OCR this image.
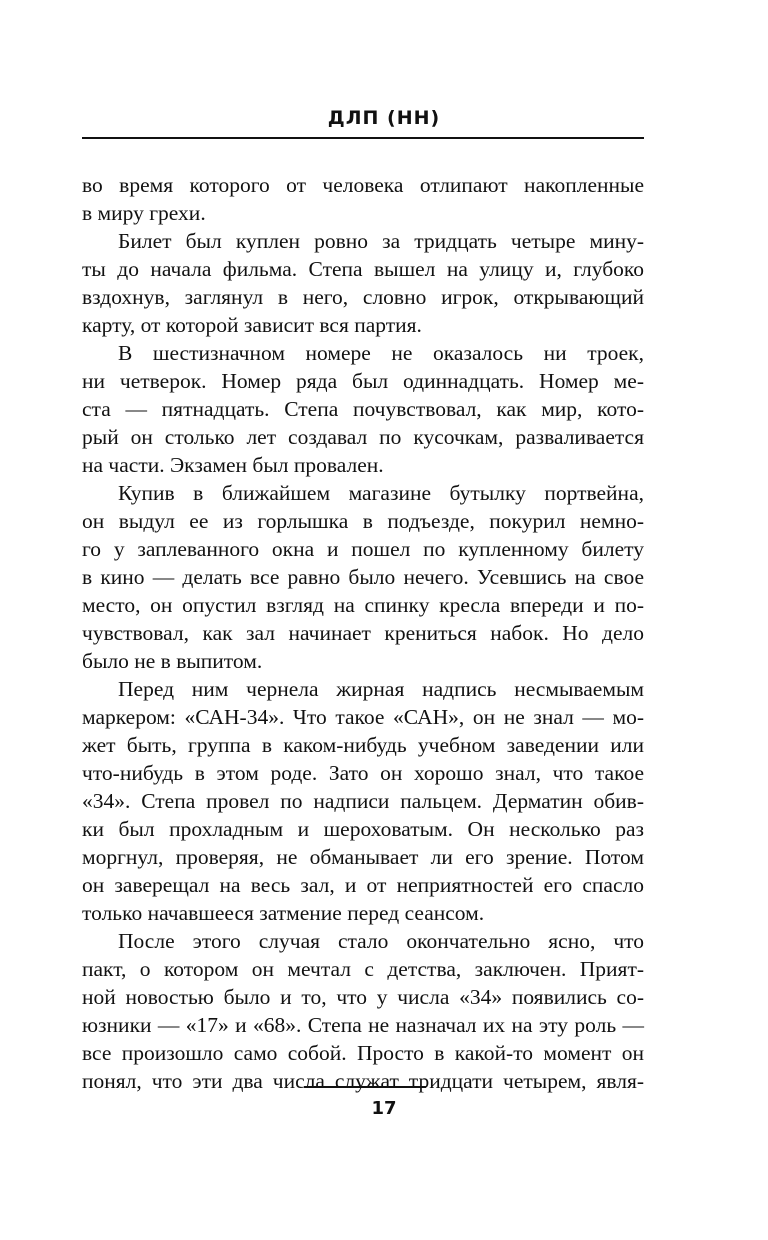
ДЛП (НН)
во время которого от человека отлипают накопленные
в миру грехи.
Билет был куплен ровно за тридцать четыре мину-
ты до начала фильма. Степа вышел на улицу и, глубоко
вздохнув, заглянул в него, словно игрок, открывающий
карту, от которой зависит вся партия.
В шестизначном номере не оказалось ни троек,
ни четверок. Номер ряда был одиннадцать. Номер ме-
ста — пятнадцать. Степа почувствовал, как мир, кото-
рый он столько лет создавал по кусочкам, разваливается
на части. Экзамен был провален.
Купив в ближайшем магазине бутылку портвейна,
он выдул ее из горлышка в подъезде, покурил немно-
го у заплеванного окна и пошел по купленному билету
в кино — делать все равно было нечего. Усевшись на свое
место, он опустил взгляд на спинку кресла впереди и по-
чувствовал, как зал начинает крениться набок. Но дело
было не в выпитом.
Перед ним чернела жирная надпись несмываемым
маркером: «САН-34». Что такое «САН», он не знал — мо-
жет быть, группа в каком-нибудь учебном заведении или
что-нибудь в этом роде. Зато он хорошо знал, что такое
«34». Степа провел по надписи пальцем. Дерматин обив-
ки был прохладным и шероховатым. Он несколько раз
моргнул, проверяя, не обманывает ли его зрение. Потом
он заверещал на весь зал, и от неприятностей его спасло
только начавшееся затмение перед сеансом.
После этого случая стало окончательно ясно, что
пакт, о котором он мечтал с детства, заключен. Прият-
ной новостью было и то, что у числа «34» появились со-
юзники — «17» и «68». Степа не назначал их на эту роль —
все произошло само собой. Просто в какой-то момент он
понял, что эти два числа служат тридцати четырем, явля-
17
